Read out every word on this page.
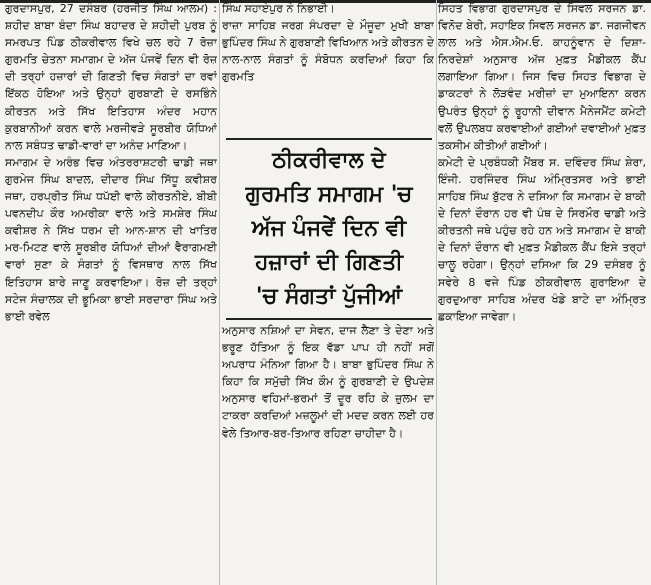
ਗੁਰਦਾਸਪੁਰ, 27 ਦਸੰਬਰ (ਹਰਜੀਤ ਸਿੰਘ ਆਲਮ) : ਸ਼ਹੀਦ ਬਾਬਾ ਬੰਦਾ ਸਿੰਘ ਬਹਾਦਰ ਦੇ ਸ਼ਹੀਦੀ ਪੁਰਬ ਨੂੰ ਸਮਰਪਤ ਪਿੰਡ ਠੀਕਰੀਵਾਲ ਵਿਖੇ ਚਲ ਰਹੇ 7 ਰੋਜ਼ਾ ਗੁਰਮਤਿ ਚੇਤਨਾ ਸਮਾਗਮ ਦੇ ਅੱਜ ਪੰਜਵੇਂ ਦਿਨ ਵੀ ਰੋਜ਼ ਦੀ ਤਰ੍ਹਾਂ ਹਜ਼ਾਰਾਂ ਦੀ ਗਿਣਤੀ ਵਿਚ ਸੰਗਤਾਂ ਦਾ ਰਵਾਂ ਇੱਕਠ ਹੋਇਆ ਅਤੇ ਉਨ੍ਹਾਂ ਗੁਰਬਾਣੀ ਦੇ ਰਸਭਿੰਨੇ ਕੀਰਤਨ ਅਤੇ ਸਿੱਖ ਇਤਿਹਾਸ ਅੰਦਰ ਮਹਾਨ ਕੁਰਬਾਨੀਆਂ ਕਰਨ ਵਾਲੇ ਮਰਜੀਵੜੇ ਸੂਰਬੀਰ ਯੋਧਿਆਂ ਨਾਲ ਸਬੰਧਤ ਢਾਡੀ-ਵਾਰਾਂ ਦਾ ਅਨੰਦ ਮਾਣਿਆ।
ਸਮਾਗਮ ਦੇ ਅਰੰਭ ਵਿਚ ਅੰਤਰਰਾਸ਼ਟਰੀ ਢਾਡੀ ਜਥਾ ਗੁਰਮੇਜ ਸਿੰਘ ਬਾਦਲ, ਦੀਦਾਰ ਸਿੰਘ ਸਿੱਧੂ ਕਵੀਸ਼ਰ ਜਥਾ, ਹਰਪ੍ਰੀਤ ਸਿੰਘ ਧਪੱਈ ਵਾਲੇ ਕੀਰਤਨੀਏ, ਬੀਬੀ ਪਵਨਦੀਪ ਕੌਰ ਅਮਰੀਕਾ ਵਾਲੇ ਅਤੇ ਸਮਸ਼ੇਰ ਸਿੰਘ ਕਵੀਸ਼ਰ ਨੇ ਸਿੱਖ ਧਰਮ ਦੀ ਆਨ-ਸ਼ਾਨ ਦੀ ਖਾਤਿਰ ਮਰ-ਮਿਟਣ ਵਾਲੇ ਸੂਰਬੀਰ ਯੋਧਿਆਂ ਦੀਆਂ ਵੈਰਾਗਮਈ ਵਾਰਾਂ ਸੁਣਾ ਕੇ ਸੰਗਤਾਂ ਨੂੰ ਵਿਸਥਾਰ ਨਾਲ ਸਿੱਖ ਇਤਿਹਾਸ ਬਾਰੇ ਜਾਣੂ ਕਰਵਾਇਆ। ਰੋਜ਼ ਦੀ ਤਰ੍ਹਾਂ ਸਟੇਜ ਸੰਚਾਲਕ ਦੀ ਭੂਮਿਕਾ ਭਾਈ ਸਰਦਾਰਾ ਸਿੰਘ ਅਤੇ ਭਾਈ ਰਵੇਲ
ਸਿੰਘ ਸਹਾਏਪੁਰ ਨੇ ਨਿਭਾਈ।
ਰਾਜ਼ਾ ਸਾਹਿਬ ਜਰਗ ਸੰਪਰਦਾ ਦੇ ਮੌਜੂਦਾ ਮੁਖੀ ਬਾਬਾ ਭੁਪਿੰਦਰ ਸਿੰਘ ਨੇ ਗੁਰਬਾਣੀ ਵਿਖਿਆਨ ਅਤੇ ਕੀਰਤਨ ਦੇ ਨਾਲ-ਨਾਲ ਸੰਗਤਾਂ ਨੂੰ ਸੰਬੋਧਨ ਕਰਦਿਆਂ ਕਿਹਾ ਕਿ ਗੁਰਮਤਿ
ਠੀਕਰੀਵਾਲ ਦੇ
ਗੁਰਮਤਿ ਸਮਾਗਮ 'ਚ
ਅੱਜ ਪੰਜਵੇਂ ਦਿਨ ਵੀ
ਹਜ਼ਾਰਾਂ ਦੀ ਗਿਣਤੀ
'ਚ ਸੰਗਤਾਂ ਪੁੱਜੀਆਂ
ਅਨੁਸਾਰ ਨਸ਼ਿਆਂ ਦਾ ਸੇਵਨ, ਦਾਜ ਲੈਣਾ ਤੇ ਦੇਣਾ ਅਤੇ ਭਰੂਣ ਹੱਤਿਆ ਨੂੰ ਇਕ ਵੱਡਾ ਪਾਪ ਹੀ ਨਹੀਂ ਸਗੋਂ ਅਪਰਾਧ ਮੰਨਿਆ ਗਿਆ ਹੈ। ਬਾਬਾ ਭੁਪਿੰਦਰ ਸਿੰਘ ਨੇ ਕਿਹਾ ਕਿ ਸਮੁੱਚੀ ਸਿੱਖ ਕੌਮ ਨੂੰ ਗੁਰਬਾਣੀ ਦੇ ਉਪਦੇਸ਼ ਅਨੁਸਾਰ ਵਹਿਮਾਂ-ਭਰਮਾਂ ਤੋਂ ਦੂਰ ਰਹਿ ਕੇ ਜ਼ੁਲਮ ਦਾ ਟਾਕਰਾ ਕਰਦਿਆਂ ਮਜ਼ਲੂਮਾਂ ਦੀ ਮਦਦ ਕਰਨ ਲਈ ਹਰ ਵੇਲੇ ਤਿਆਰ-ਬਰ-ਤਿਆਰ ਰਹਿਣਾ ਚਾਹੀਦਾ ਹੈ।
ਸਿਹਤ ਵਿਭਾਗ ਗੁਰਦਾਸਪੁਰ ਦੇ ਸਿਵਲ ਸਰਜਨ ਡਾ. ਵਿਨੋਦ ਬੇਰੀ, ਸਹਾਇਕ ਸਿਵਲ ਸਰਜਨ ਡਾ. ਜਗਜੀਵਨ ਲਾਲ ਅਤੇ ਐਸ.ਐਮ.ਓ. ਕਾਹਨੂੰਵਾਨ ਦੇ ਦਿਸ਼ਾ-ਨਿਰਦੇਸ਼ਾਂ ਅਨੁਸਾਰ ਅੱਜ ਮੁਫ਼ਤ ਮੈਡੀਕਲ ਕੈਂਪ ਲਗਾਇਆ ਗਿਆ। ਜਿਸ ਵਿਚ ਸਿਹਤ ਵਿਭਾਗ ਦੇ ਡਾਕਟਰਾਂ ਨੇ ਲੋੜਵੰਦ ਮਰੀਜ਼ਾਂ ਦਾ ਮੁਆਇਨਾ ਕਰਨ ਉਪਰੰਤ ਉਨ੍ਹਾਂ ਨੂੰ ਰੂਹਾਨੀ ਦੀਵਾਨ ਮੈਨੇਜਮੈਂਟ ਕਮੇਟੀ ਵਲੋਂ ਉਪਲਬਧ ਕਰਵਾਈਆਂ ਗਈਆਂ ਦਵਾਈਆਂ ਮੁਫ਼ਤ ਤਕਸੀਮ ਕੀਤੀਆਂ ਗਈਆਂ।
ਕਮੇਟੀ ਦੇ ਪ੍ਰਬੰਧਕੀ ਮੈਂਬਰ ਸ. ਦਵਿੰਦਰ ਸਿੰਘ ਸ਼ੇਰਾ, ਇੰਜੀ. ਹਰਜਿੰਦਰ ਸਿੰਘ ਅੰਮ੍ਰਿਤਸਰ ਅਤੇ ਭਾਈ ਸਾਹਿਬ ਸਿੰਘ ਬੁੱਟਰ ਨੇ ਦਸਿਆ ਕਿ ਸਮਾਗਮ ਦੇ ਬਾਕੀ ਦੇ ਦਿਨਾਂ ਦੌਰਾਨ ਹਰ ਵੀ ਪੰਥ ਦੇ ਸਿਰਮੌਰ ਢਾਡੀ ਅਤੇ ਕੀਰਤਨੀ ਜਥੇ ਪਹੁੰਚ ਰਹੇ ਹਨ ਅਤੇ ਸਮਾਗਮ ਦੇ ਬਾਕੀ ਦੇ ਦਿਨਾਂ ਦੌਰਾਨ ਵੀ ਮੁਫ਼ਤ ਮੈਡੀਕਲ ਕੈਂਪ ਇਸੇ ਤਰ੍ਹਾਂ ਚਾਲੂ ਰਹੇਗਾ। ਉਨ੍ਹਾਂ ਦਸਿਆ ਕਿ 29 ਦਸੰਬਰ ਨੂੰ ਸਵੇਰੇ 8 ਵਜੇ ਪਿੰਡ ਠੀਕਰੀਵਾਲ ਗੁਰਾਇਆ ਦੇ ਗੁਰਦੁਆਰਾ ਸਾਹਿਬ ਅੰਦਰ ਖੰਡੇ ਬਾਟੇ ਦਾ ਅੰਮ੍ਰਿਤ ਛਕਾਇਆ ਜਾਵੇਗਾ।
